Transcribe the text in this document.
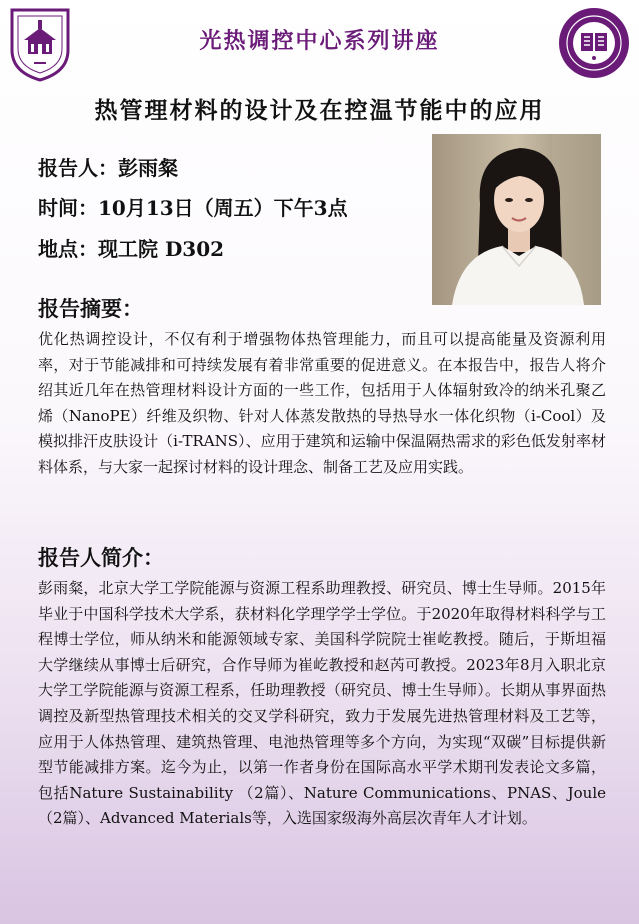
光热调控中心系列讲座
热管理材料的设计及在控温节能中的应用
报告人：彭雨粲
时间：10月13日（周五）下午3点
地点：现工院 D302
报告摘要：
优化热调控设计，不仅有利于增强物体热管理能力，而且可以提高能量及资源利用率，对于节能减排和可持续发展有着非常重要的促进意义。在本报告中，报告人将介绍其近几年在热管理材料设计方面的一些工作，包括用于人体辐射致冷的纳米孔聚乙烯（NanoPE）纤维及织物、针对人体蒸发散热的导热导水一体化织物（i-Cool）及模拟排汗皮肤设计（i-TRANS）、应用于建筑和运输中保温隔热需求的彩色低发射率材料体系，与大家一起探讨材料的设计理念、制备工艺及应用实践。
报告人简介：
彭雨粲，北京大学工学院能源与资源工程系助理教授、研究员、博士生导师。2015年毕业于中国科学技术大学系，获材料化学理学学士学位。于2020年取得材料科学与工程博士学位，师从纳米和能源领域专家、美国科学院院士崔屹教授。随后，于斯坦福大学继续从事博士后研究，合作导师为崔屹教授和赵芮可教授。2023年8月入职北京大学工学院能源与资源工程系，任助理教授（研究员、博士生导师）。长期从事界面热调控及新型热管理技术相关的交叉学科研究，致力于发展先进热管理材料及工艺等，应用于人体热管理、建筑热管理、电池热管理等多个方向，为实现“双碳”目标提供新型节能减排方案。迄今为止，以第一作者身份在国际高水平学术期刊发表论文多篇，包括Nature Sustainability （2篇）、Nature Communications、PNAS、Joule（2篇）、Advanced Materials等，入选国家级海外高层次青年人才计划。
